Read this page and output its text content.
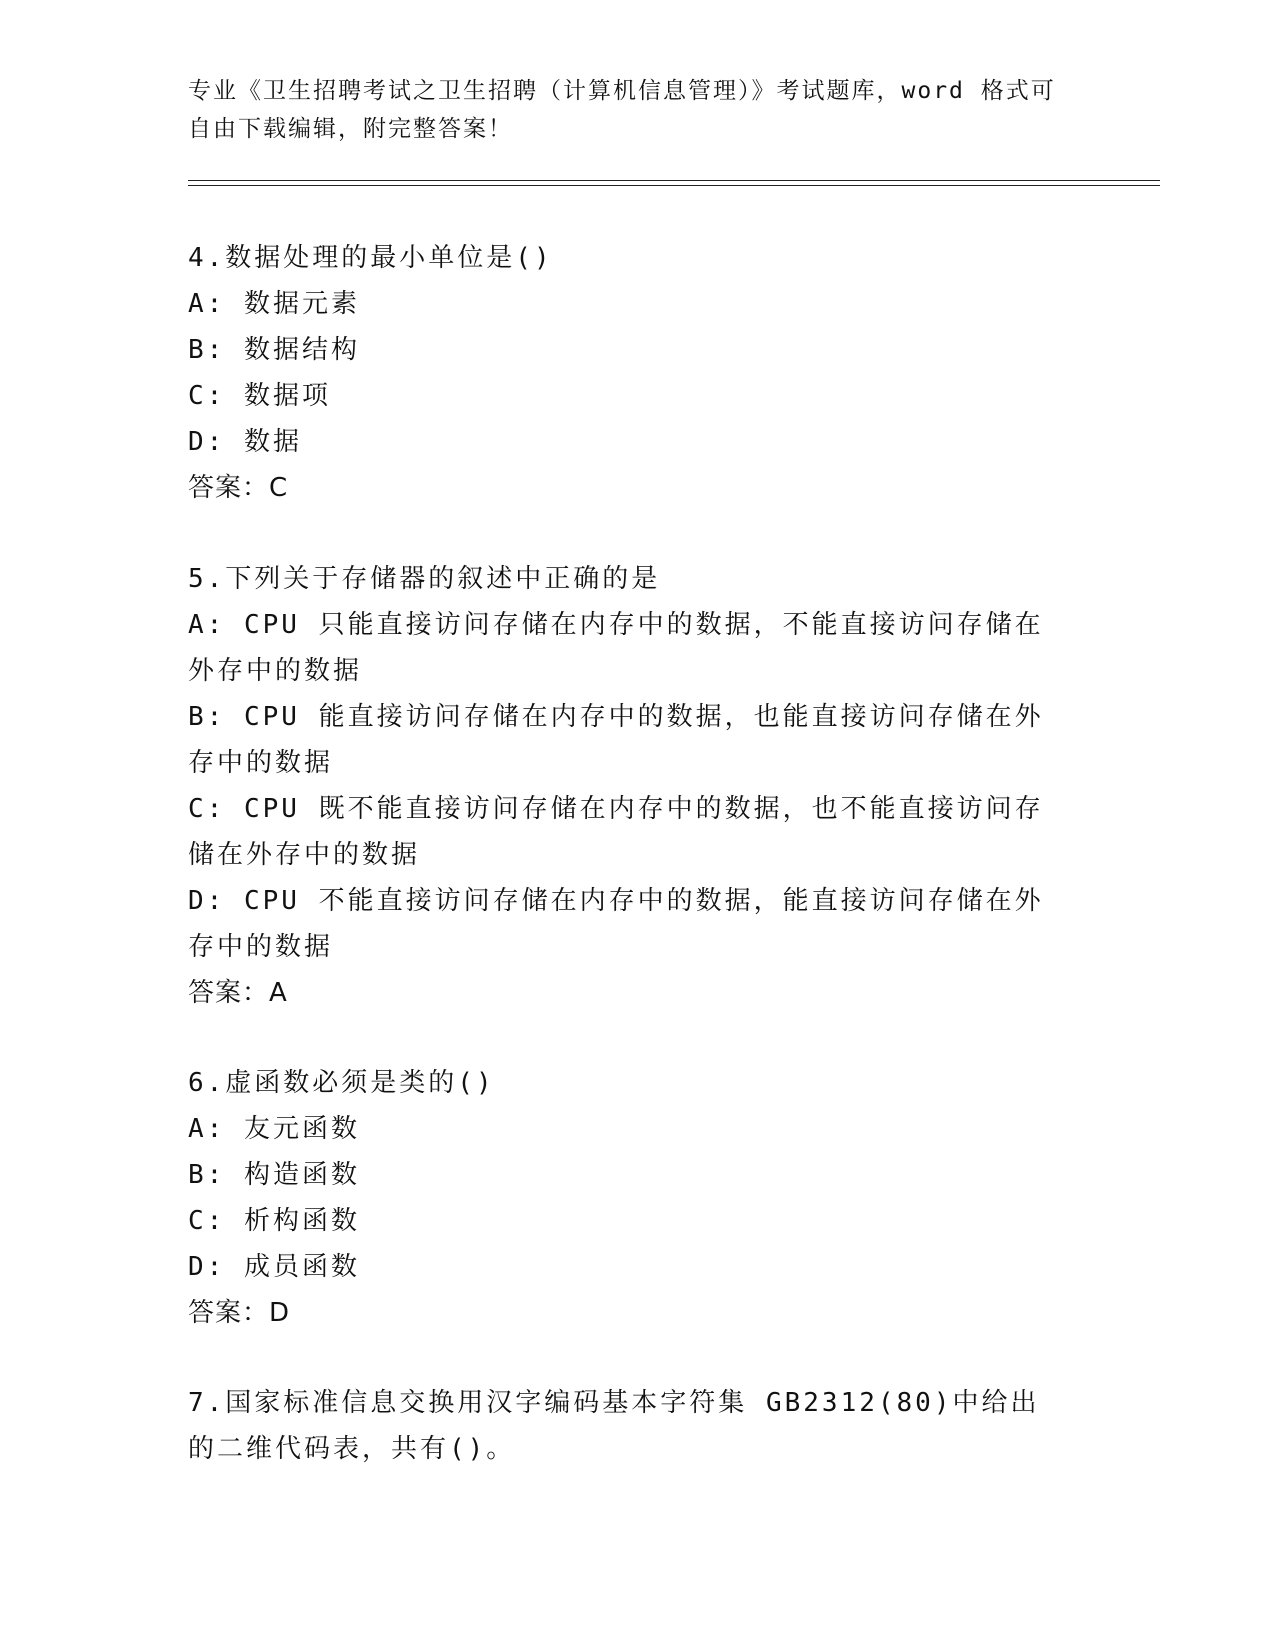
专业《卫生招聘考试之卫生招聘（计算机信息管理）》考试题库，word 格式可自由下载编辑，附完整答案！
4.数据处理的最小单位是()
A: 数据元素
B: 数据结构
C: 数据项
D: 数据
答案：C
5.下列关于存储器的叙述中正确的是
A: CPU 只能直接访问存储在内存中的数据，不能直接访问存储在外存中的数据
B: CPU 能直接访问存储在内存中的数据，也能直接访问存储在外存中的数据
C: CPU 既不能直接访问存储在内存中的数据，也不能直接访问存储在外存中的数据
D: CPU 不能直接访问存储在内存中的数据，能直接访问存储在外存中的数据
答案：A
6.虚函数必须是类的()
A: 友元函数
B: 构造函数
C: 析构函数
D: 成员函数
答案：D
7.国家标准信息交换用汉字编码基本字符集 GB2312(80)中给出的二维代码表，共有()。
